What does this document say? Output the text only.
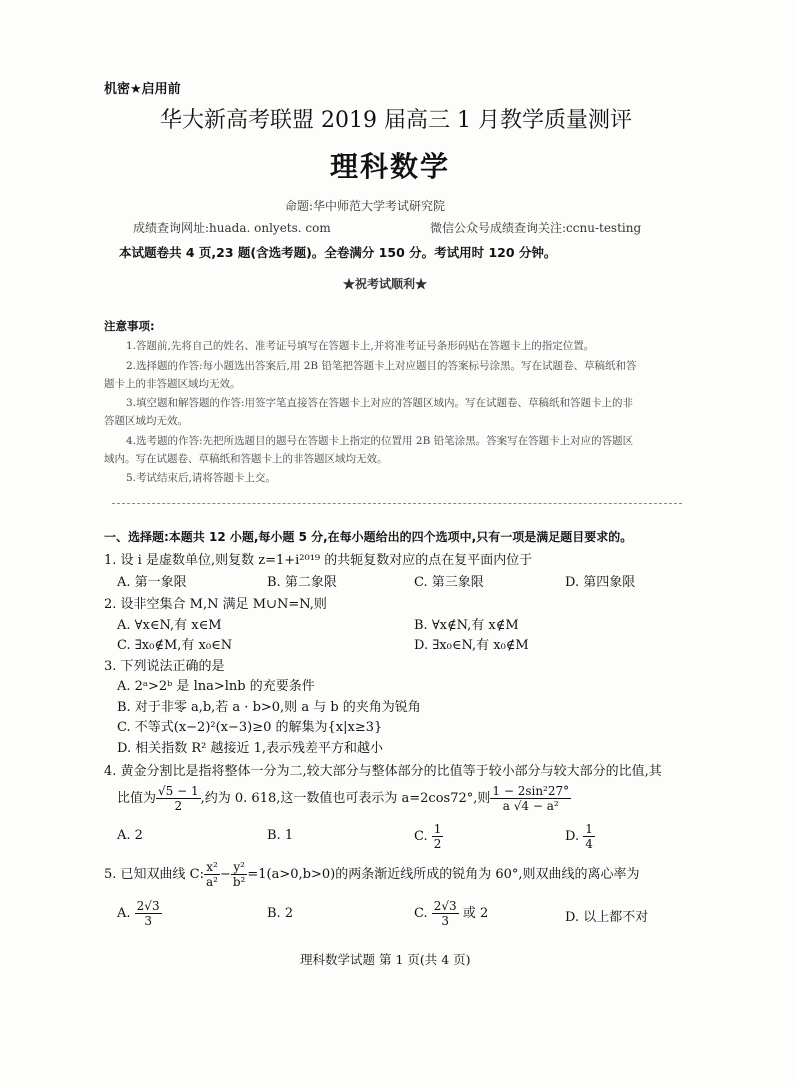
机密★启用前
华大新高考联盟 2019 届高三 1 月教学质量测评
理科数学
命题:华中师范大学考试研究院
成绩查询网址:huada. onlyets. com	微信公众号成绩查询关注:ccnu-testing
本试题卷共 4 页,23 题(含选考题)。全卷满分 150 分。考试用时 120 分钟。
★祝考试顺利★
注意事项:
1.答题前,先将自己的姓名、准考证号填写在答题卡上,并将准考证号条形码贴在答题卡上的指定位置。
2.选择题的作答:每小题选出答案后,用 2B 铅笔把答题卡上对应题目的答案标号涂黑。写在试题卷、草稿纸和答
题卡上的非答题区域均无效。
3.填空题和解答题的作答:用签字笔直接答在答题卡上对应的答题区域内。写在试题卷、草稿纸和答题卡上的非
答题区域均无效。
4.选考题的作答:先把所选题目的题号在答题卡上指定的位置用 2B 铅笔涂黑。答案写在答题卡上对应的答题区
域内。写在试题卷、草稿纸和答题卡上的非答题区域均无效。
5.考试结束后,请将答题卡上交。
一、选择题:本题共 12 小题,每小题 5 分,在每小题给出的四个选项中,只有一项是满足题目要求的。
1. 设 i 是虚数单位,则复数 z=1+i²⁰¹⁹ 的共轭复数对应的点在复平面内位于
A. 第一象限	B. 第二象限	C. 第三象限	D. 第四象限
2. 设非空集合 M,N 满足 M∪N=N,则
A. ∀x∈N,有 x∈M	B. ∀x∉N,有 x∉M
C. ∃x₀∉M,有 x₀∈N	D. ∃x₀∈N,有 x₀∉M
3. 下列说法正确的是
A. 2ᵃ>2ᵇ 是 lna>lnb 的充要条件
B. 对于非零 a,b,若 a · b>0,则 a 与 b 的夹角为锐角
C. 不等式(x−2)²(x−3)≥0 的解集为{x|x≥3}
D. 相关指数 R² 越接近 1,表示残差平方和越小
4. 黄金分割比是指将整体一分为二,较大部分与整体部分的比值等于较小部分与较大部分的比值,其
比值为 $\frac{√5 - 1}{2}$ ,约为 0. 618,这一数值也可表示为 a=2cos72°,则 $\frac{\text{1 − 2sin²27°}}{\text{a √4 − a²}}$
A. 2	B. 1	C. $\frac{1}{2}$	D. $\frac{1}{4}$
5. 已知双曲线 C: $\frac{\text{x²}}{\text{a²}} - \frac{\text{y²}}{\text{b²}} =1(a>0,b>0)$的两条渐近线所成的锐角为 60°,则双曲线的离心率为
A. $\frac{2√3}{3}$	B. 2	C. $\frac{2√3}{3}$ 或 2	D. 以上都不对
理科数学试题 第 1 页(共 4 页)
